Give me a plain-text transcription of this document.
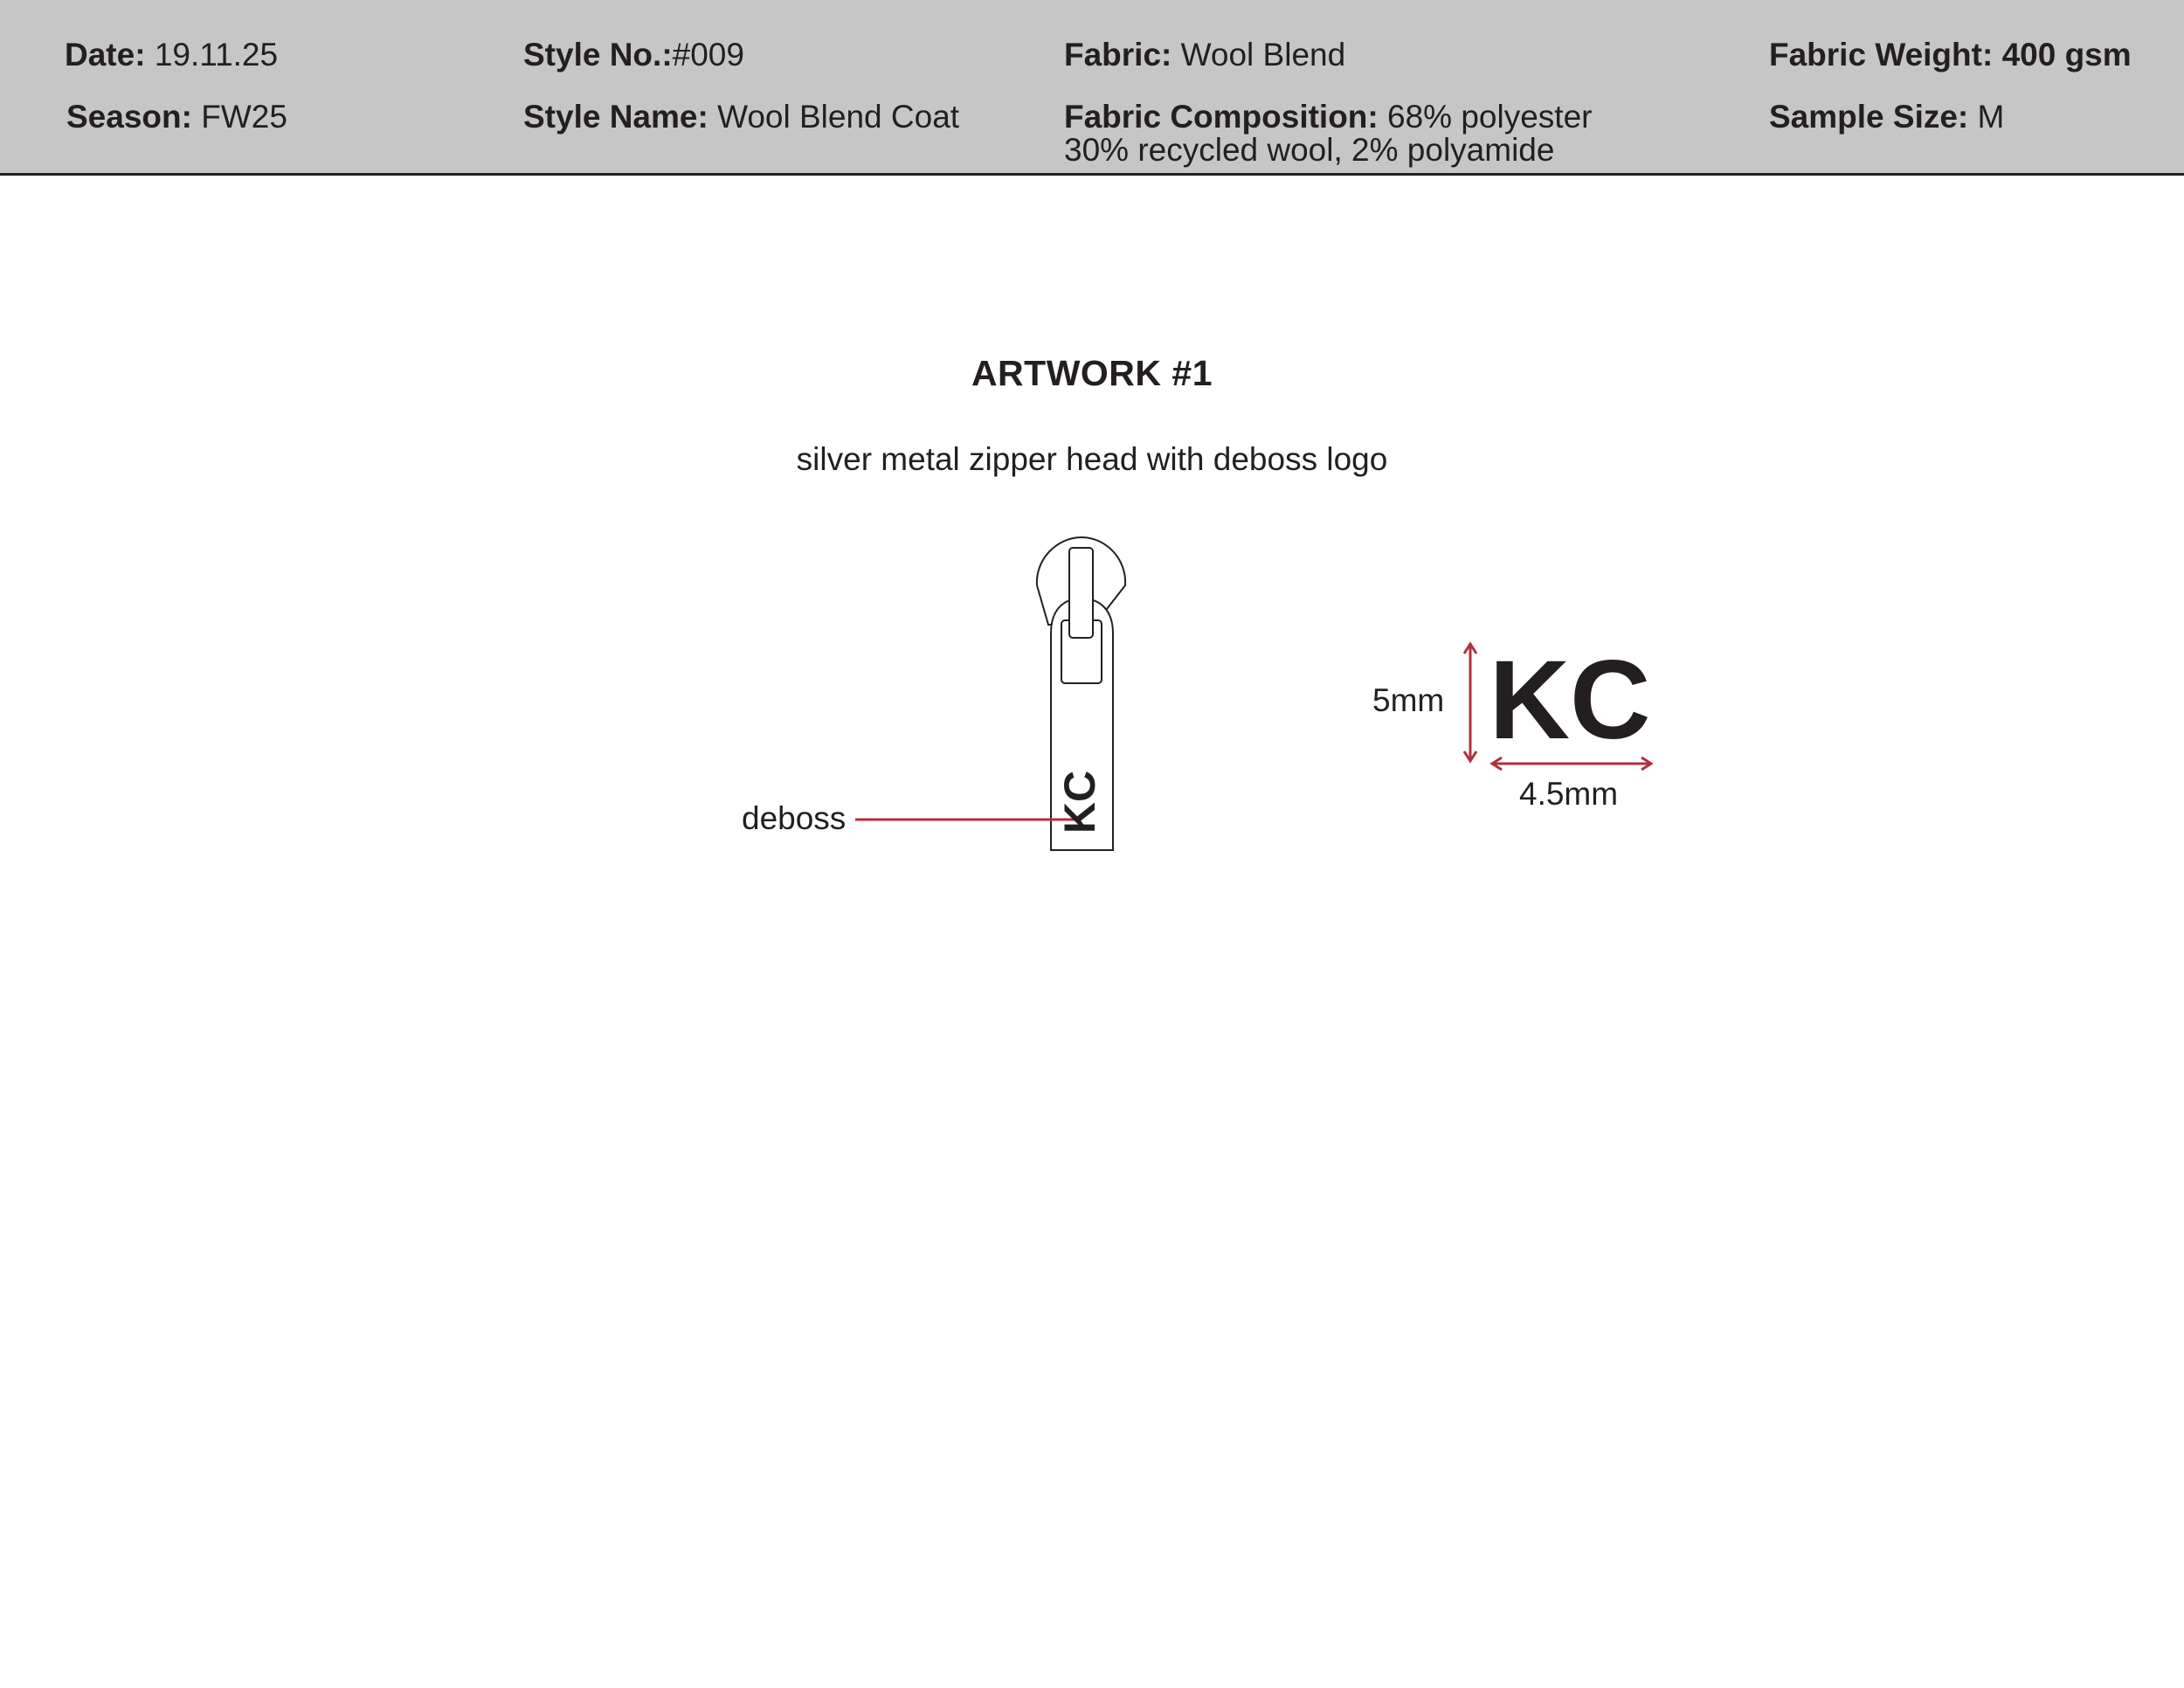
Date: 19.11.25
Season: FW25
Style No.:#009
Style Name: Wool Blend Coat
Fabric: Wool Blend
Fabric Composition: 68% polyester
30% recycled wool, 2% polyamide
Fabric Weight: 400 gsm
Sample Size: M
ARTWORK #1
silver metal zipper head with deboss logo
KC
KC
deboss
5mm
4.5mm
